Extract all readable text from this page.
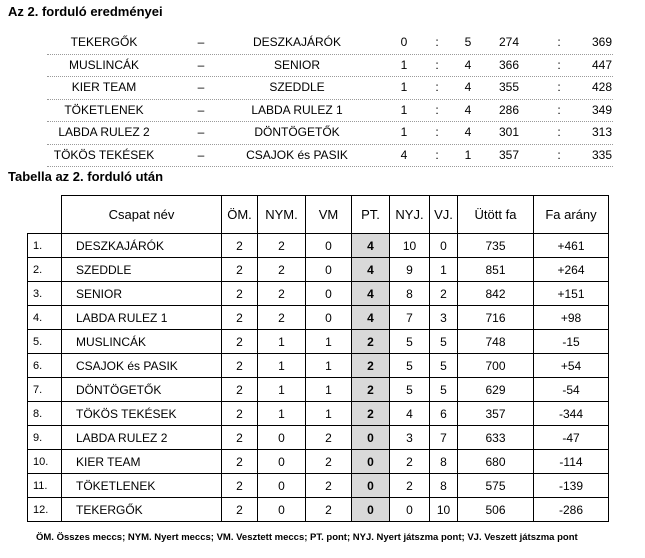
Az 2. forduló eredményei
TEKERGŐK	–	DESZKAJÁRÓK	0	:	5	274	:	369
MUSLINCÁK	–	SENIOR	1	:	4	366	:	447
KIER TEAM	–	SZEDDLE	1	:	4	355	:	428
TÖKETLENEK	–	LABDA RULEZ 1	1	:	4	286	:	349
LABDA RULEZ 2	–	DÖNTÖGETŐK	1	:	4	301	:	313
TÖKÖS TEKÉSEK	–	CSAJOK és PASIK	4	:	1	357	:	335
Tabella az 2. forduló után
	Csapat név	ÖM.	NYM.	VM	PT.	NYJ.	VJ.	Ütött fa	Fa arány
1.	DESZKAJÁRÓK	2	2	0	4	10	0	735	+461
2.	SZEDDLE	2	2	0	4	9	1	851	+264
3.	SENIOR	2	2	0	4	8	2	842	+151
4.	LABDA RULEZ 1	2	2	0	4	7	3	716	+98
5.	MUSLINCÁK	2	1	1	2	5	5	748	-15
6.	CSAJOK és PASIK	2	1	1	2	5	5	700	+54
7.	DÖNTÖGETŐK	2	1	1	2	5	5	629	-54
8.	TÖKÖS TEKÉSEK	2	1	1	2	4	6	357	-344
9.	LABDA RULEZ 2	2	0	2	0	3	7	633	-47
10.	KIER TEAM	2	0	2	0	2	8	680	-114
11.	TÖKETLENEK	2	0	2	0	2	8	575	-139
12.	TEKERGŐK	2	0	2	0	0	10	506	-286
ÖM. Összes meccs; NYM. Nyert meccs; VM. Vesztett meccs; PT. pont; NYJ. Nyert játszma pont; VJ. Veszett játszma pont
